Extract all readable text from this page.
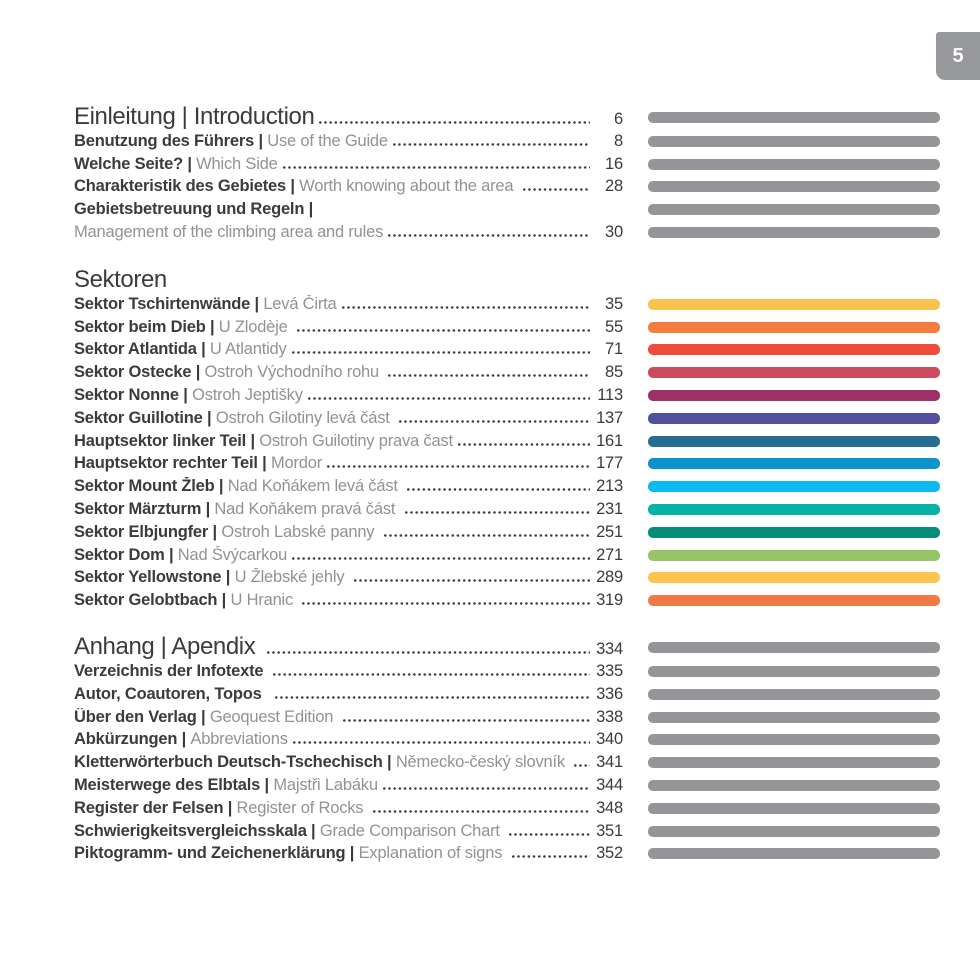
5
Einleitung | Introduction	6
Benutzung des Führers | Use of the Guide	8
Welche Seite? | Which Side	16
Charakteristik des Gebietes | Worth knowing about the area	28
Gebietsbetreuung und Regeln |
Management of the climbing area and rules	30
Sektoren
Sektor Tschirtenwände | Levá Čirta	35
Sektor beim Dieb | U Zlodèje	55
Sektor Atlantida | U Atlantidy	71
Sektor Ostecke | Ostroh Východního rohu	85
Sektor Nonne | Ostroh Jeptišky	113
Sektor Guillotine | Ostroh Gilotiny levá část	137
Hauptsektor linker Teil | Ostroh Guilotiny prava čast	161
Hauptsektor rechter Teil | Mordor	177
Sektor Mount Žleb | Nad Koňákem levá část	213
Sektor Märzturm | Nad Koňákem pravá část	231
Sektor Elbjungfer | Ostroh Labské panny	251
Sektor Dom | Nad Švýcarkou	271
Sektor Yellowstone | U Žlebské jehly	289
Sektor Gelobtbach | U Hranic	319
Anhang | Apendix	334
Verzeichnis der Infotexte	335
Autor, Coautoren, Topos	336
Über den Verlag | Geoquest Edition	338
Abkürzungen | Abbreviations	340
Kletterwörterbuch Deutsch-Tschechisch | Německo-český slovník 341
Meisterwege des Elbtals | Majstři Labáku	344
Register der Felsen | Register of Rocks	348
Schwierigkeitsvergleichsskala | Grade Comparison Chart	351
Piktogramm- und Zeichenerklärung | Explanation of signs	352
